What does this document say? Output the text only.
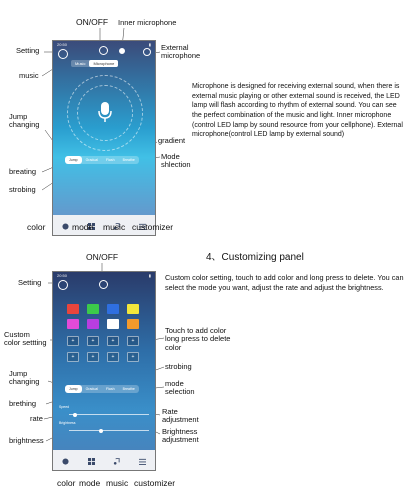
ON/OFF Inner microphone
Setting	External
microphone
music
Jump
changing
gradient
breating
Mode
shlection
strobing
Microphone is designed for receiving external sound, when there is external music playing or other external sound is received, the LED lamp will flash according to rhythm of external sound. You can see the perfect combination of the music and light. Inner microphone (control LED lamp by sound resource from your cellphone). External microphone(control LED lamp by external sound)
20:50	▮
Music	Microphone
Jump	Gradual	Flash	Breathe
color	mode music customizer
4、Customizing panel
ON/OFF
Setting
Custom color setting, touch to add color and long press to delete. You can select the mode you want, adjust the rate and adjust the brightness.
Custom
color settting
Touch to add color
long press to delete
color
strobing
Jump
changing	mode
selection
brething
rate
Rate
adjustment
brightness
Brightness
adjustment
20:50	▮
+	+	+	+
+	+	+	+
Jump	Gradual	Flash	Breathe
Speed
Brightness
color mode music customizer
